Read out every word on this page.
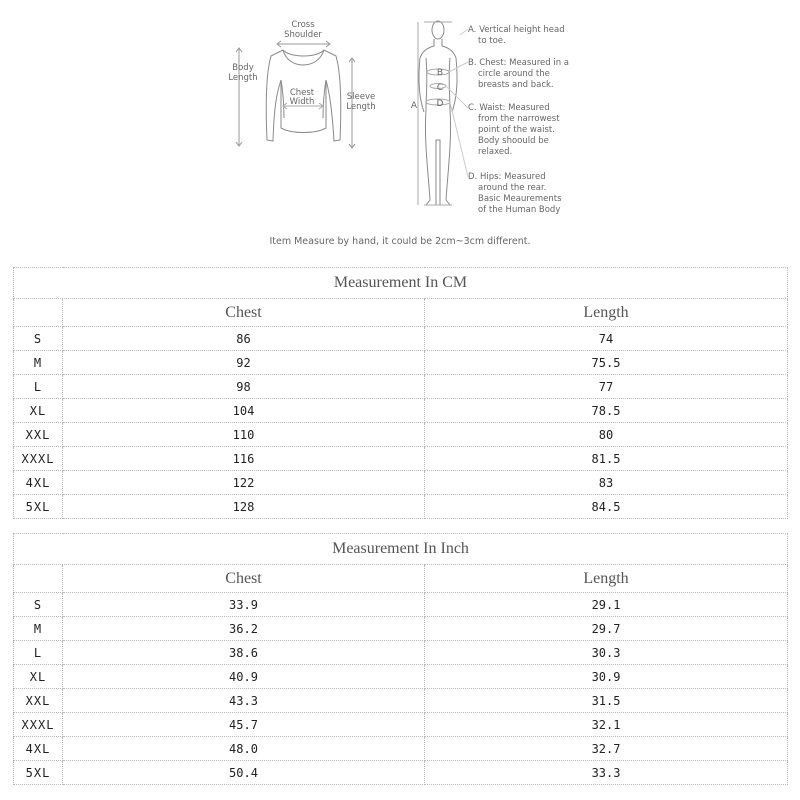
Cross
Shoulder
Body
Length
Chest
Width	Sleeve
Length	A
B
C
D
A. Vertical height head
to toe.
B. Chest: Measured in a
circle around the
breasts and back.
C. Waist: Measured
from the narrowest
point of the waist.
Body shoould be
relaxed.
D. Hips: Measured
around the rear.
Basic Meaurements
of the Human Body
Item Measure by hand, it could be 2cm~3cm different.
Measurement In CM		
	Chest	Length
S	86	74
M	92	75.5
L	98	77
XL	104	78.5
XXL	110	80
XXXL	116	81.5
4XL	122	83
5XL	128	84.5
Measurement In Inch		
	Chest	Length
S	33.9	29.1
M	36.2	29.7
L	38.6	30.3
XL	40.9	30.9
XXL	43.3	31.5
XXXL	45.7	32.1
4XL	48.0	32.7
5XL	50.4	33.3
